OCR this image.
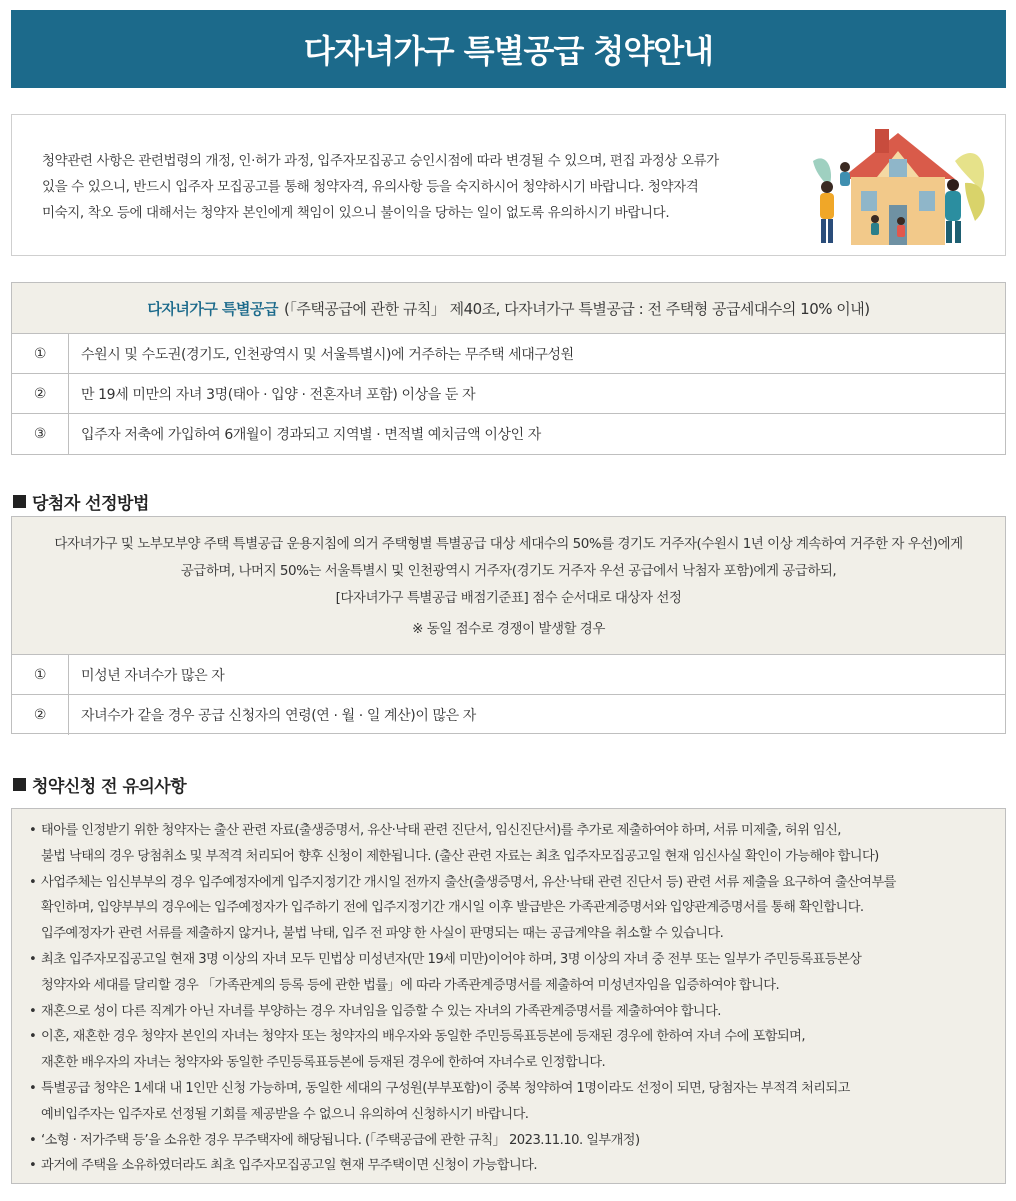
다자녀가구 특별공급 청약안내

청약관련 사항은 관련법령의 개정, 인·허가 과정, 입주자모집공고 승인시점에 따라 변경될 수 있으며, 편집 과정상 오류가
있을 수 있으니, 반드시 입주자 모집공고를 통해 청약자격, 유의사항 등을 숙지하시어 청약하시기 바랍니다. 청약자격
미숙지, 착오 등에 대해서는 청약자 본인에게 책임이 있으니 불이익을 당하는 일이 없도록 유의하시기 바랍니다.

다자녀가구 특별공급 (「주택공급에 관한 규칙」 제40조, 다자녀가구 특별공급 : 전 주택형 공급세대수의 10% 이내)
①	수원시 및 수도권(경기도, 인천광역시 및 서울특별시)에 거주하는 무주택 세대구성원
②	만 19세 미만의 자녀 3명(태아 · 입양 · 전혼자녀 포함) 이상을 둔 자
③	입주자 저축에 가입하여 6개월이 경과되고 지역별 · 면적별 예치금액 이상인 자
당첨자 선정방법
다자녀가구 및 노부모부양 주택 특별공급 운용지침에 의거 주택형별 특별공급 대상 세대수의 50%를 경기도 거주자(수원시 1년 이상 계속하여 거주한 자 우선)에게
공급하며, 나머지 50%는 서울특별시 및 인천광역시 거주자(경기도 거주자 우선 공급에서 낙첨자 포함)에게 공급하되,
[다자녀가구 특별공급 배점기준표] 점수 순서대로 대상자 선정
※ 동일 점수로 경쟁이 발생할 경우
①	미성년 자녀수가 많은 자
②	자녀수가 같을 경우 공급 신청자의 연령(연 · 월 · 일 계산)이 많은 자
청약신청 전 유의사항
• 태아를 인정받기 위한 청약자는 출산 관련 자료(출생증명서, 유산·낙태 관련 진단서, 임신진단서)를 추가로 제출하여야 하며, 서류 미제출, 허위 임신,
불법 낙태의 경우 당첨취소 및 부적격 처리되어 향후 신청이 제한됩니다. (출산 관련 자료는 최초 입주자모집공고일 현재 임신사실 확인이 가능해야 합니다)
• 사업주체는 임신부부의 경우 입주예정자에게 입주지정기간 개시일 전까지 출산(출생증명서, 유산·낙태 관련 진단서 등) 관련 서류 제출을 요구하여 출산여부를
확인하며, 입양부부의 경우에는 입주예정자가 입주하기 전에 입주지정기간 개시일 이후 발급받은 가족관계증명서와 입양관계증명서를 통해 확인합니다.
입주예정자가 관련 서류를 제출하지 않거나, 불법 낙태, 입주 전 파양 한 사실이 판명되는 때는 공급계약을 취소할 수 있습니다.
• 최초 입주자모집공고일 현재 3명 이상의 자녀 모두 민법상 미성년자(만 19세 미만)이어야 하며, 3명 이상의 자녀 중 전부 또는 일부가 주민등록표등본상
청약자와 세대를 달리할 경우 「가족관계의 등록 등에 관한 법률」에 따라 가족관계증명서를 제출하여 미성년자임을 입증하여야 합니다.
• 재혼으로 성이 다른 직계가 아닌 자녀를 부양하는 경우 자녀임을 입증할 수 있는 자녀의 가족관계증명서를 제출하여야 합니다.
• 이혼, 재혼한 경우 청약자 본인의 자녀는 청약자 또는 청약자의 배우자와 동일한 주민등록표등본에 등재된 경우에 한하여 자녀 수에 포함되며,
재혼한 배우자의 자녀는 청약자와 동일한 주민등록표등본에 등재된 경우에 한하여 자녀수로 인정합니다.
• 특별공급 청약은 1세대 내 1인만 신청 가능하며, 동일한 세대의 구성원(부부포함)이 중복 청약하여 1명이라도 선정이 되면, 당첨자는 부적격 처리되고
예비입주자는 입주자로 선정될 기회를 제공받을 수 없으니 유의하여 신청하시기 바랍니다.
• ‘소형 · 저가주택 등’을 소유한 경우 무주택자에 해당됩니다. (「주택공급에 관한 규칙」 2023.11.10. 일부개정)
• 과거에 주택을 소유하였더라도 최초 입주자모집공고일 현재 무주택이면 신청이 가능합니다.
